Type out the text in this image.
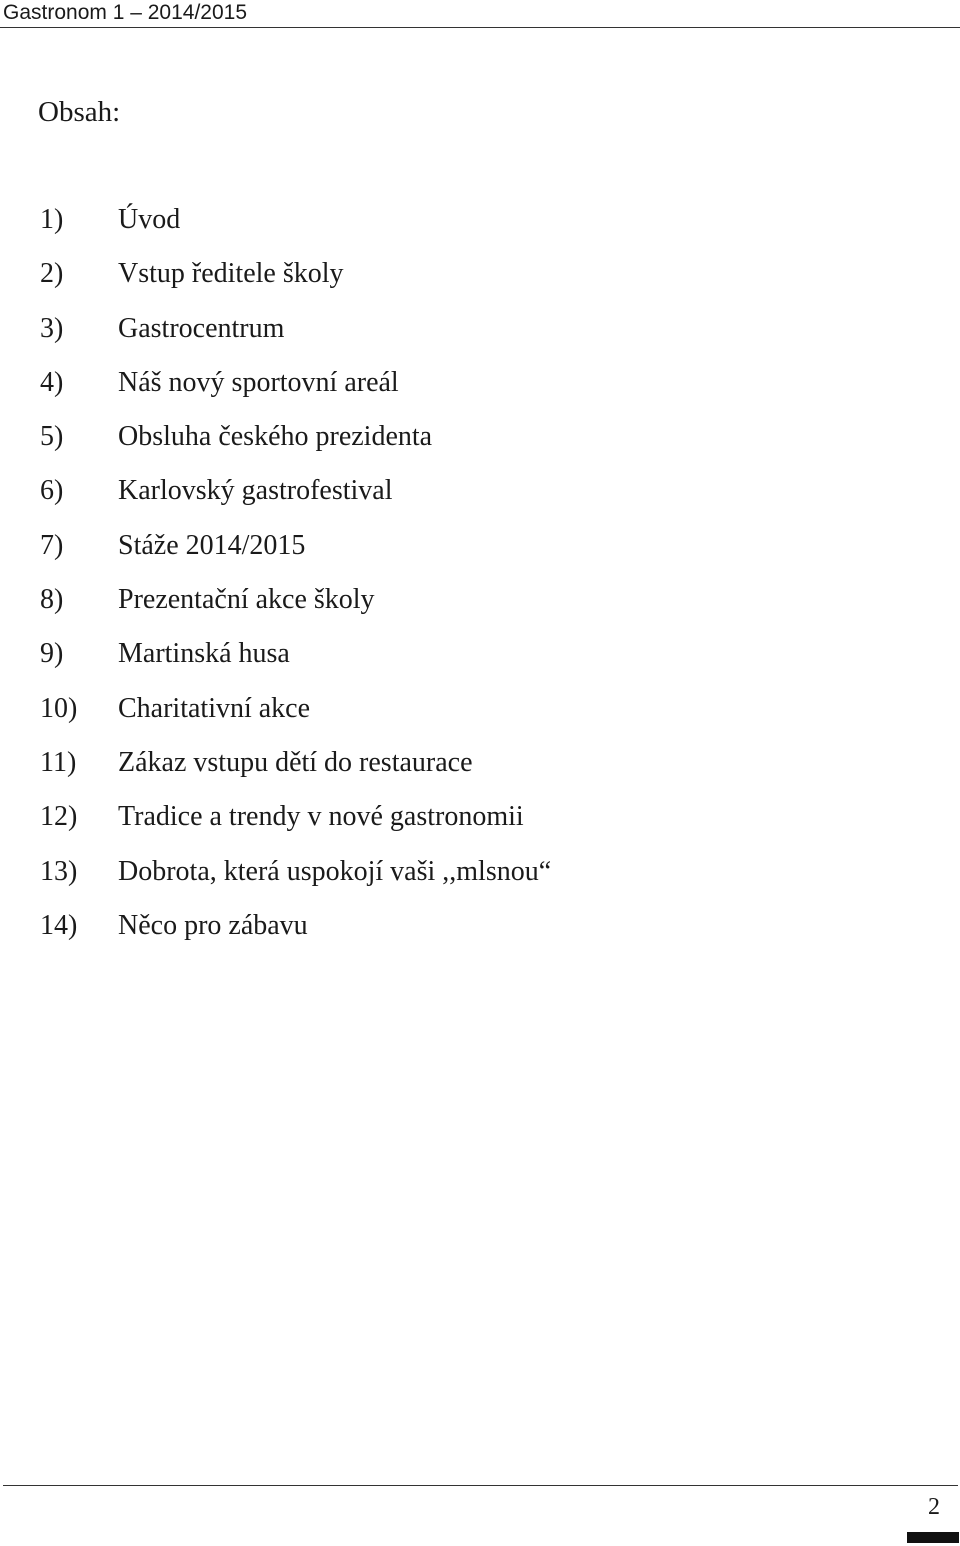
Gastronom 1 – 2014/2015
Obsah:
1) Úvod
2) Vstup ředitele školy
3) Gastrocentrum
4) Náš nový sportovní areál
5) Obsluha českého prezidenta
6) Karlovský gastrofestival
7) Stáže 2014/2015
8) Prezentační akce školy
9) Martinská husa
10) Charitativní akce
11) Zákaz vstupu dětí do restaurace
12) Tradice a trendy v nové gastronomii
13) Dobrota, která uspokojí vaši ,,mlsnou“
14) Něco pro zábavu
2
